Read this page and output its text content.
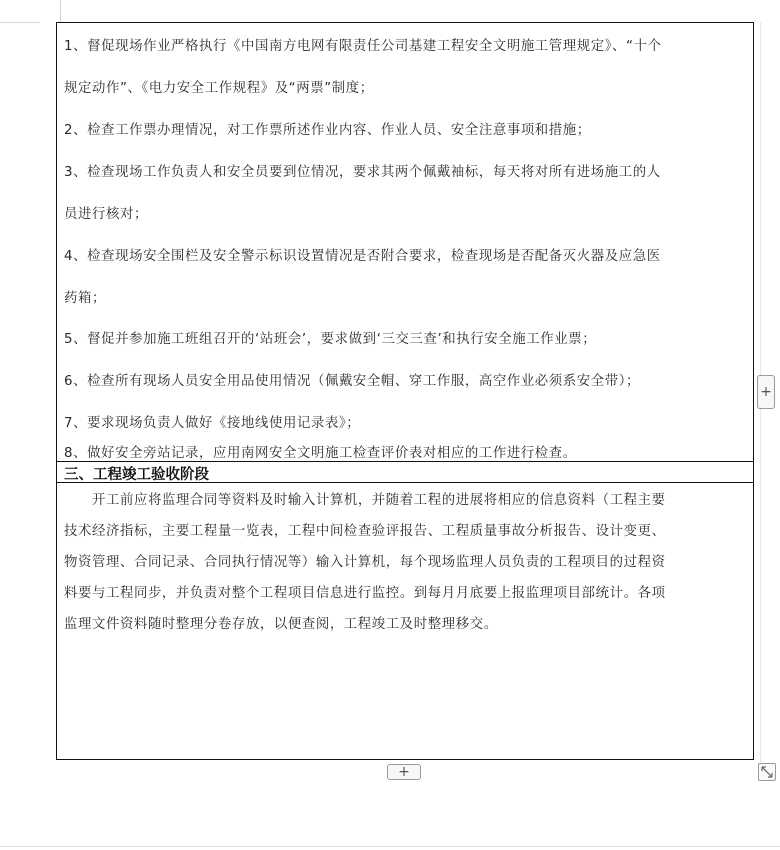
1、督促现场作业严格执行《中国南方电网有限责任公司基建工程安全文明施工管理规定》、“十个
规定动作”、《电力安全工作规程》及“两票”制度；
2、检查工作票办理情况，对工作票所述作业内容、作业人员、安全注意事项和措施；
3、检查现场工作负责人和安全员要到位情况，要求其两个佩戴袖标，每天将对所有进场施工的人
员进行核对；
4、检查现场安全围栏及安全警示标识设置情况是否附合要求，检查现场是否配备灭火器及应急医
药箱；
5、督促并参加施工班组召开的‘站班会’，要求做到‘三交三查’和执行安全施工作业票；
6、检查所有现场人员安全用品使用情况（佩戴安全帽、穿工作服，高空作业必须系安全带）；
7、要求现场负责人做好《接地线使用记录表》；
8、做好安全旁站记录，应用南网安全文明施工检查评价表对相应的工作进行检查。
三、工程竣工验收阶段
开工前应将监理合同等资料及时输入计算机，并随着工程的进展将相应的信息资料（工程主要
技术经济指标，主要工程量一览表，工程中间检查验评报告、工程质量事故分析报告、设计变更、
物资管理、合同记录、合同执行情况等）输入计算机，每个现场监理人员负责的工程项目的过程资
料要与工程同步，并负责对整个工程项目信息进行监控。到每月月底要上报监理项目部统计。各项
监理文件资料随时整理分卷存放，以便查阅，工程竣工及时整理移交。
+
+
